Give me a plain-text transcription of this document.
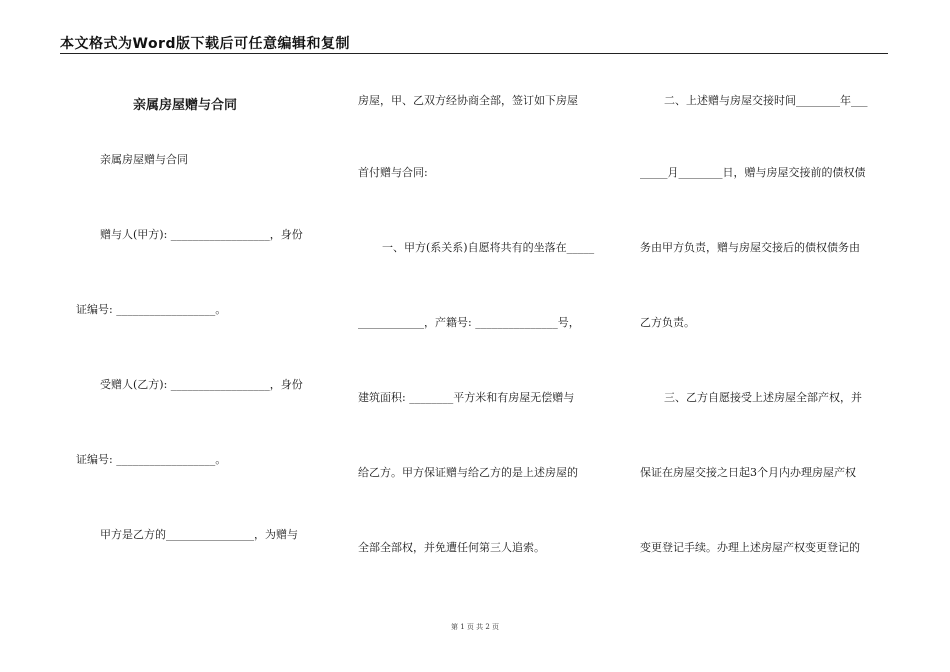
本文格式为Word版下载后可任意编辑和复制
亲属房屋赠与合同
亲属房屋赠与合同
赠与人(甲方): __________________，身份
证编号: __________________。
受赠人(乙方): __________________，身份
证编号: __________________。
甲方是乙方的________________，为赠与
房屋，甲、乙双方经协商全部，签订如下房屋
首付赠与合同:
一、甲方(系关系)自愿将共有的坐落在_____
____________，产籍号: _______________号，
建筑面积: ________平方米和有房屋无偿赠与
给乙方。甲方保证赠与给乙方的是上述房屋的
全部全部权，并免遭任何第三人追索。
二、上述赠与房屋交接时间________年___
_____月________日，赠与房屋交接前的债权债
务由甲方负责，赠与房屋交接后的债权债务由
乙方负责。
三、乙方自愿接受上述房屋全部产权，并
保证在房屋交接之日起3个月内办理房屋产权
变更登记手续。办理上述房屋产权变更登记的
第 1 页 共 2 页
